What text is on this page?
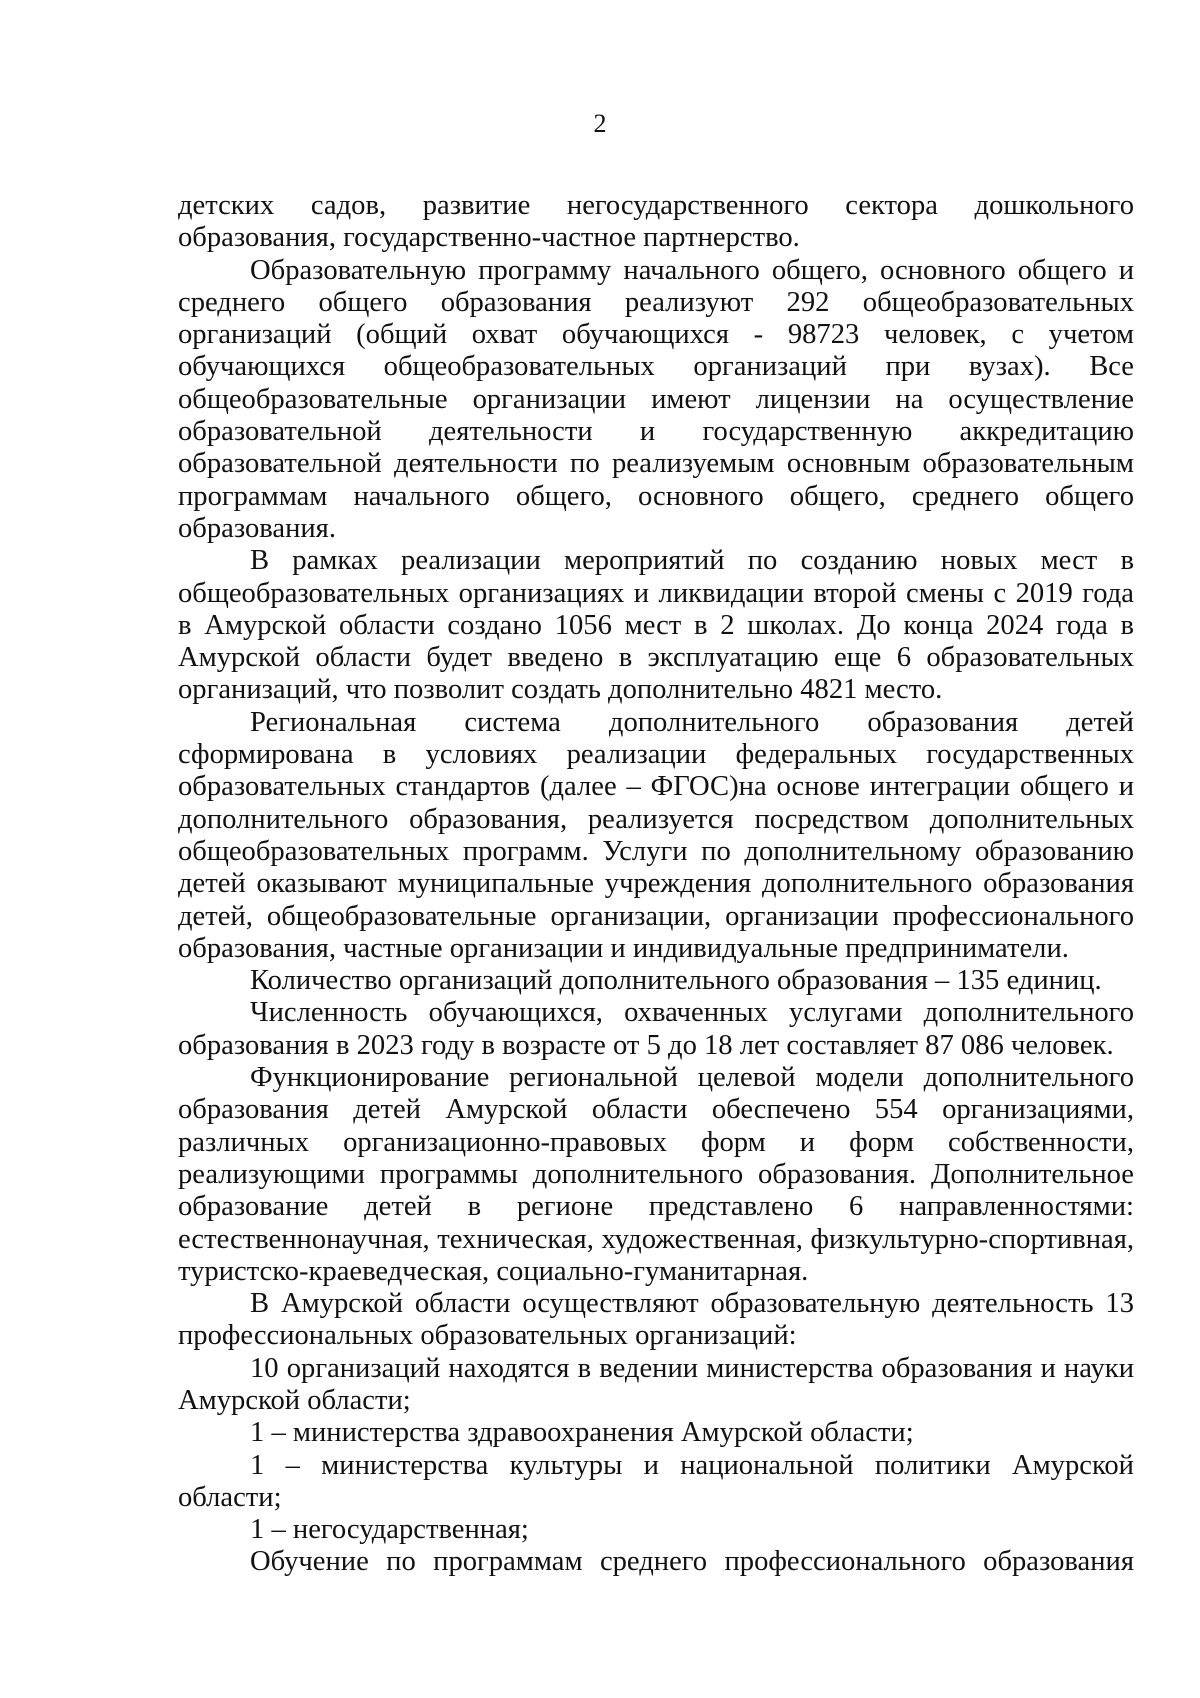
2

детских садов, развитие негосударственного сектора дошкольного образования, государственно-частное партнерство.

Образовательную программу начального общего, основного общего и среднего общего образования реализуют 292 общеобразовательных организаций (общий охват обучающихся - 98723 человек, с учетом обучающихся общеобразовательных организаций при вузах). Все общеобразовательные организации имеют лицензии на осуществление образовательной деятельности и государственную аккредитацию образовательной деятельности по реализуемым основным образовательным программам начального общего, основного общего, среднего общего образования.

В рамках реализации мероприятий по созданию новых мест в общеобразовательных организациях и ликвидации второй смены с 2019 года в Амурской области создано 1056 мест в 2 школах. До конца 2024 года в Амурской области будет введено в эксплуатацию еще 6 образовательных организаций, что позволит создать дополнительно 4821 место.

Региональная система дополнительного образования детей сформирована в условиях реализации федеральных государственных образовательных стандартов (далее – ФГОС)на основе интеграции общего и дополнительного образования, реализуется посредством дополнительных общеобразовательных программ. Услуги по дополнительному образованию детей оказывают муниципальные учреждения дополнительного образования детей, общеобразовательные организации, организации профессионального образования, частные организации и индивидуальные предприниматели.

Количество организаций дополнительного образования – 135 единиц.

Численность обучающихся, охваченных услугами дополнительного образования в 2023 году в возрасте от 5 до 18 лет составляет 87 086 человек.

Функционирование региональной целевой модели дополнительного образования детей Амурской области обеспечено 554 организациями, различных организационно-правовых форм и форм собственности, реализующими программы дополнительного образования. Дополнительное образование детей в регионе представлено 6 направленностями: естественнонаучная, техническая, художественная, физкультурно-спортивная, туристско-краеведческая, социально-гуманитарная.

В Амурской области осуществляют образовательную деятельность 13 профессиональных образовательных организаций:

10 организаций находятся в ведении министерства образования и науки Амурской области;

1 – министерства здравоохранения Амурской области;

1 – министерства культуры и национальной политики Амурской области;

1 – негосударственная;

Обучение по программам среднего профессионального образования
